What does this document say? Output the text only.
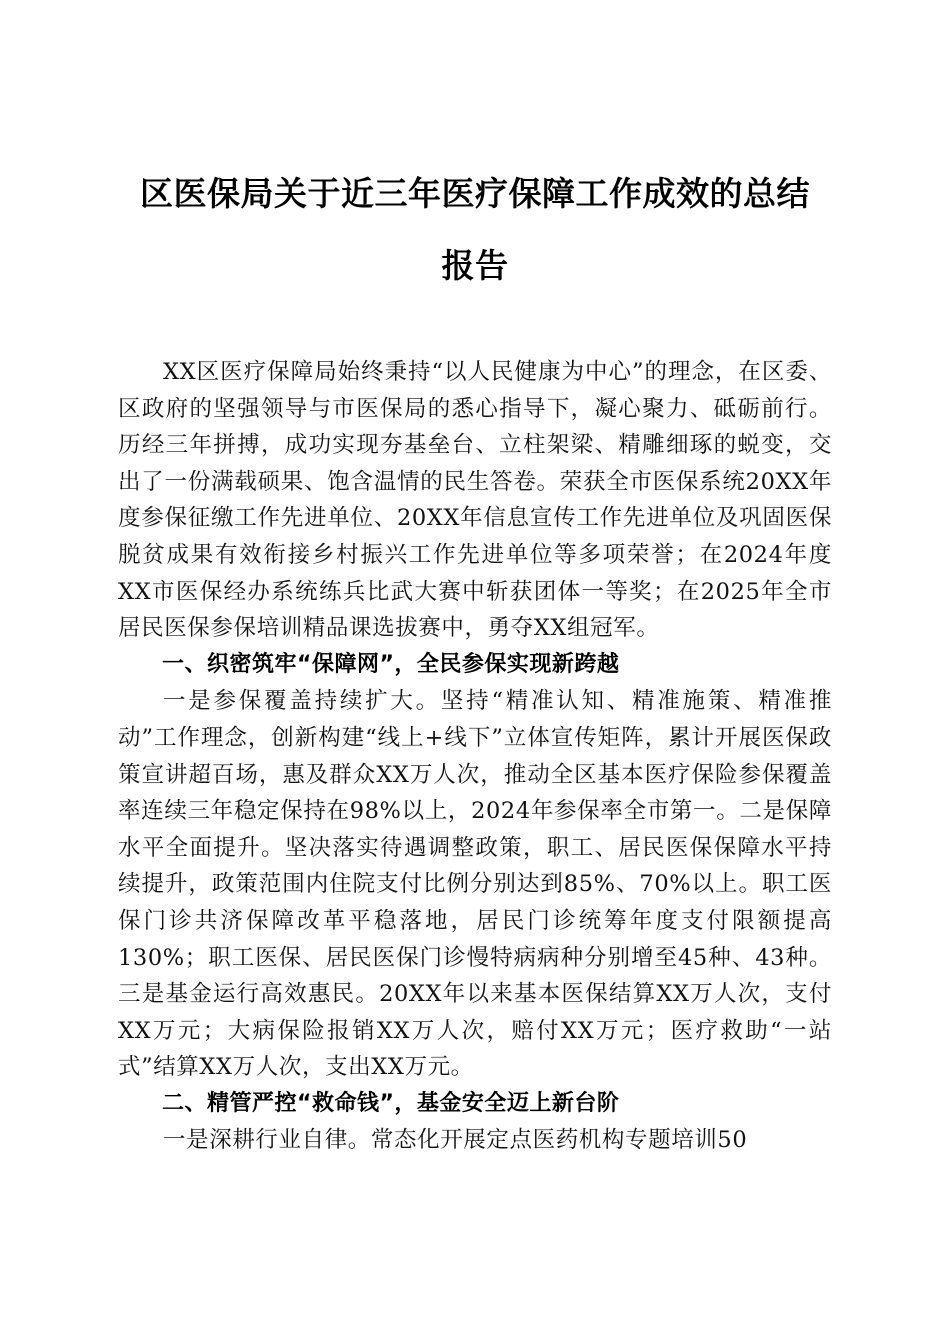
区医保局关于近三年医疗保障工作成效的总结
报告

XX区医疗保障局始终秉持“以人民健康为中心”的理念，在区委、区政府的坚强领导与市医保局的悉心指导下，凝心聚力、砥砺前行。历经三年拼搏，成功实现夯基垒台、立柱架梁、精雕细琢的蜕变，交出了一份满载硕果、饱含温情的民生答卷。荣获全市医保系统20XX年度参保征缴工作先进单位、20XX年信息宣传工作先进单位及巩固医保脱贫成果有效衔接乡村振兴工作先进单位等多项荣誉；在2024年度XX市医保经办系统练兵比武大赛中斩获团体一等奖；在2025年全市居民医保参保培训精品课选拔赛中，勇夺XX组冠军。

一、织密筑牢“保障网”，全民参保实现新跨越

一是参保覆盖持续扩大。坚持“精准认知、精准施策、精准推动”工作理念，创新构建“线上+线下”立体宣传矩阵，累计开展医保政策宣讲超百场，惠及群众XX万人次，推动全区基本医疗保险参保覆盖率连续三年稳定保持在98%以上，2024年参保率全市第一。二是保障水平全面提升。坚决落实待遇调整政策，职工、居民医保保障水平持续提升，政策范围内住院支付比例分别达到85%、70%以上。职工医保门诊共济保障改革平稳落地，居民门诊统筹年度支付限额提高130%；职工医保、居民医保门诊慢特病病种分别增至45种、43种。三是基金运行高效惠民。20XX年以来基本医保结算XX万人次，支付XX万元；大病保险报销XX万人次，赔付XX万元；医疗救助“一站式”结算XX万人次，支出XX万元。

二、精管严控“救命钱”，基金安全迈上新台阶

一是深耕行业自律。常态化开展定点医药机构专题培训50
